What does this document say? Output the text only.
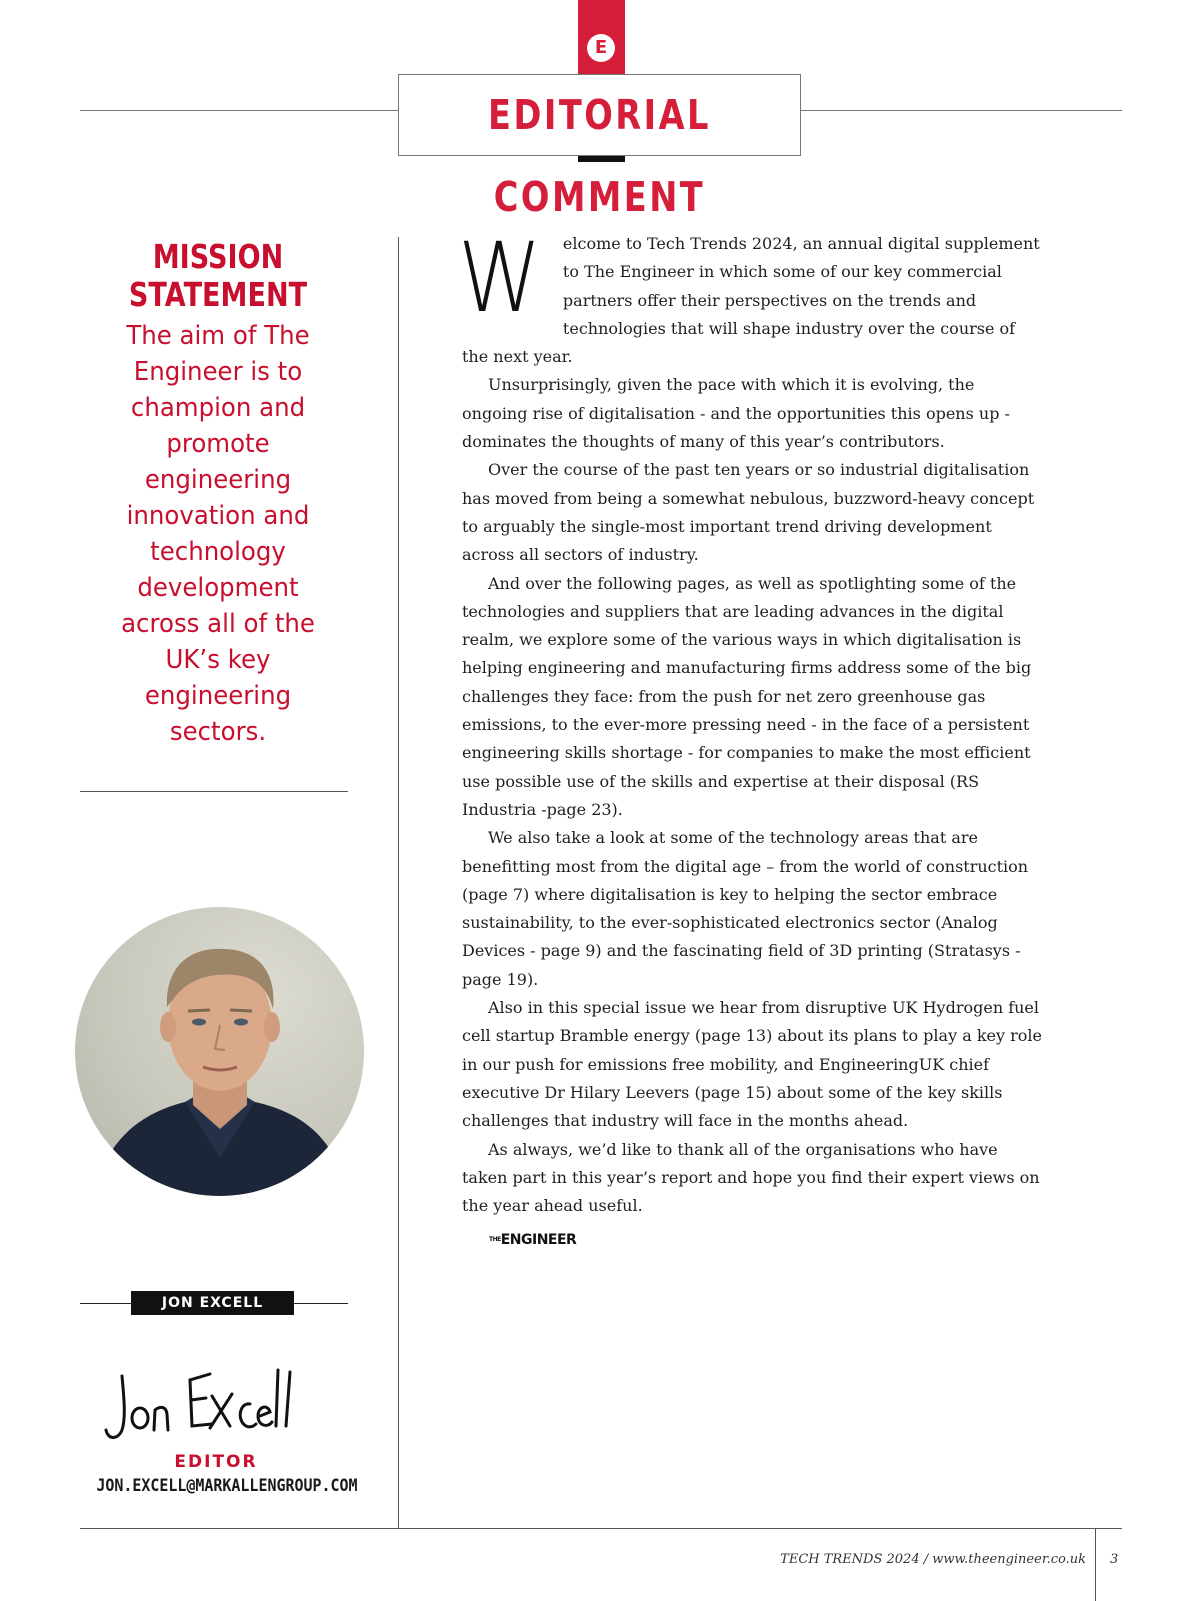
E
EDITORIAL COMMENT
MISSION
STATEMENT
The aim of The Engineer is to champion and promote engineering innovation and technology development across all of the UK’s key engineering sectors.
JON EXCELL
EDITOR
JON.EXCELL@MARKALLENGROUP.COM
W	elcome to Tech Trends 2024, an annual digital supplement to The Engineer in which some of our key commercial partners offer their perspectives on the trends and technologies that will shape industry over the course of the next year.

Unsurprisingly, given the pace with which it is evolving, the ongoing rise of digitalisation - and the opportunities this opens up - dominates the thoughts of many of this year’s contributors.

Over the course of the past ten years or so industrial digitalisation has moved from being a somewhat nebulous, buzzword-heavy concept to arguably the single-most important trend driving development across all sectors of industry.

And over the following pages, as well as spotlighting some of the technologies and suppliers that are leading advances in the digital realm, we explore some of the various ways in which digitalisation is helping engineering and manufacturing firms address some of the big challenges they face: from the push for net zero greenhouse gas emissions, to the ever-more pressing need - in the face of a persistent engineering skills shortage - for companies to make the most efficient use possible use of the skills and expertise at their disposal (RS Industria -page 23).

We also take a look at some of the technology areas that are benefitting most from the digital age – from the world of construction (page 7) where digitalisation is key to helping the sector embrace sustainability, to the ever-sophisticated electronics sector (Analog Devices - page 9) and the fascinating field of 3D printing (Stratasys - page 19).

Also in this special issue we hear from disruptive UK Hydrogen fuel cell startup Bramble energy (page 13) about its plans to play a key role in our push for emissions free mobility, and EngineeringUK chief executive Dr Hilary Leevers (page 15) about some of the key skills challenges that industry will face in the months ahead.

As always, we’d like to thank all of the organisations who have taken part in this year’s report and hope you find their expert views on the year ahead useful.

$^{THE}$ENGINEER
TECH TRENDS 2024 / www.theengineer.co.uk 3
